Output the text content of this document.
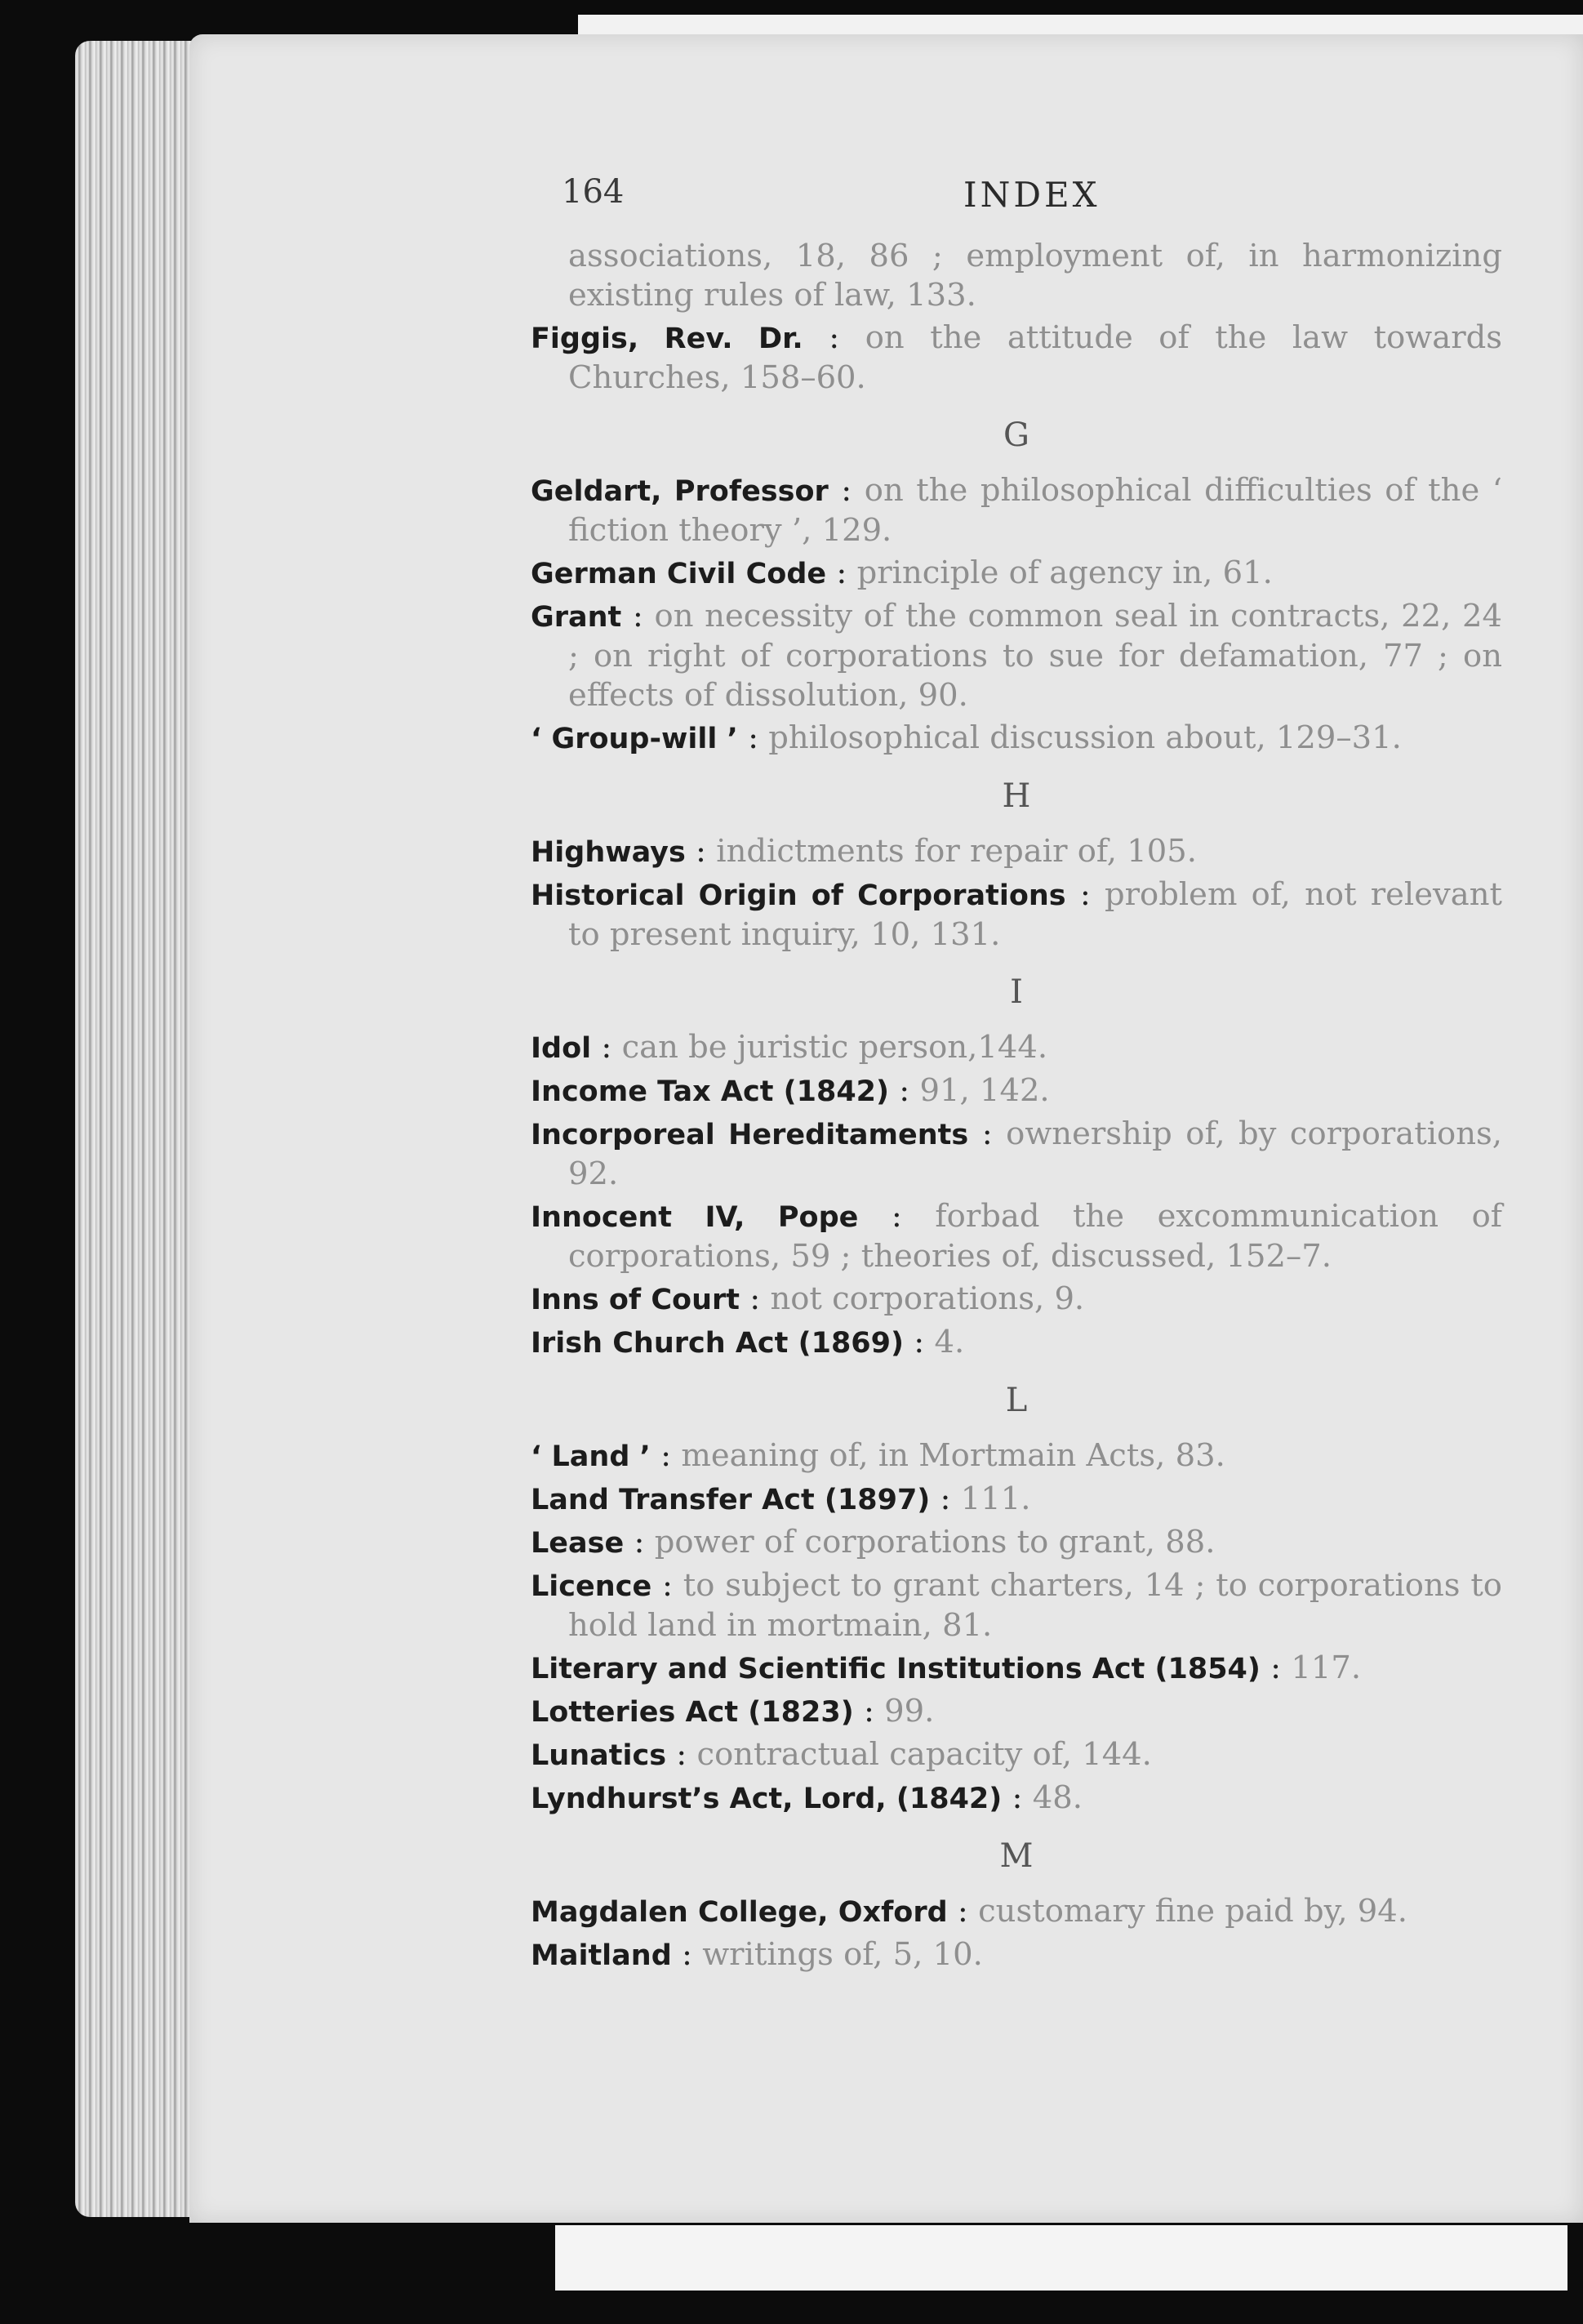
164	INDEX

associations, 18, 86 ; employment of, in harmonizing existing rules of law, 133.

Figgis, Rev. Dr. : on the attitude of the law towards Churches, 158–60.

G

Geldart, Professor : on the philosophical difficulties of the ‘ fiction theory ’, 129.

German Civil Code : principle of agency in, 61.

Grant : on necessity of the common seal in contracts, 22, 24 ; on right of corporations to sue for defamation, 77 ; on effects of dissolution, 90.

‘ Group-will ’ : philosophical discussion about, 129–31.

H

Highways : indictments for repair of, 105.

Historical Origin of Corporations : problem of, not relevant to present inquiry, 10, 131.

I

Idol : can be juristic person,144.

Income Tax Act (1842) : 91, 142.

Incorporeal Hereditaments : ownership of, by corporations, 92.

Innocent IV, Pope : forbad the excommunication of corporations, 59 ; theories of, discussed, 152–7.

Inns of Court : not corporations, 9.

Irish Church Act (1869) : 4.

L

‘ Land ’ : meaning of, in Mortmain Acts, 83.

Land Transfer Act (1897) : 111.

Lease : power of corporations to grant, 88.

Licence : to subject to grant charters, 14 ; to corporations to hold land in mortmain, 81.

Literary and Scientific Institutions Act (1854) : 117.

Lotteries Act (1823) : 99.

Lunatics : contractual capacity of, 144.

Lyndhurst’s Act, Lord, (1842) : 48.

M

Magdalen College, Oxford : customary fine paid by, 94.

Maitland : writings of, 5, 10.
